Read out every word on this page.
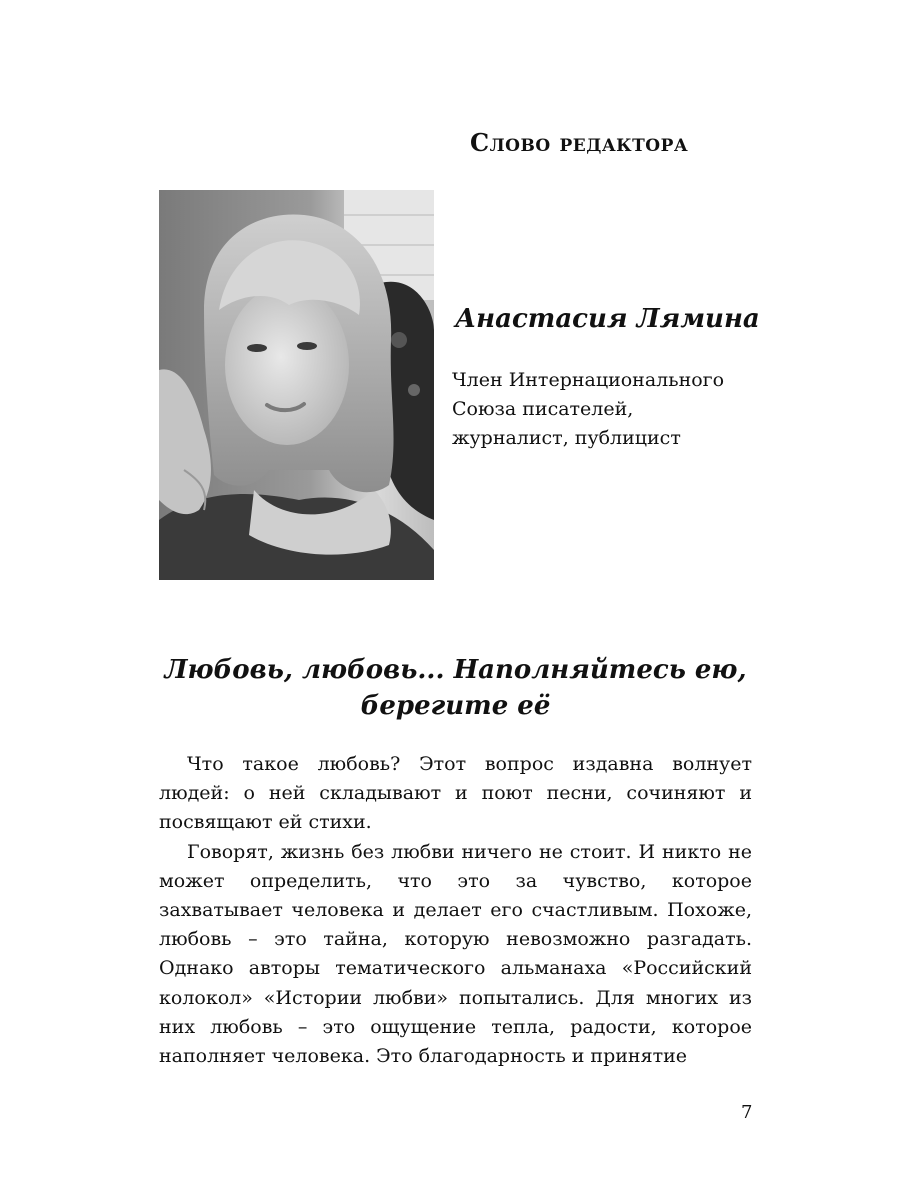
Слово редактора
Анастасия Лямина
Член Интернационального
Союза писателей,
журналист, публицист
Любовь, любовь... Наполняйтесь ею,
берегите её

Что такое любовь? Этот вопрос издавна волнует людей: о ней складывают и поют песни, сочиняют и посвящают ей стихи.

Говорят, жизнь без любви ничего не стоит. И никто не может определить, что это за чувство, которое захватывает человека и делает его счастливым. Похоже, любовь – это тайна, которую невозможно разгадать. Однако авторы тематического альманаха «Российский колокол» «Истории любви» попытались. Для многих из них любовь – это ощущение тепла, радости, которое наполняет человека. Это благодарность и принятие

7
